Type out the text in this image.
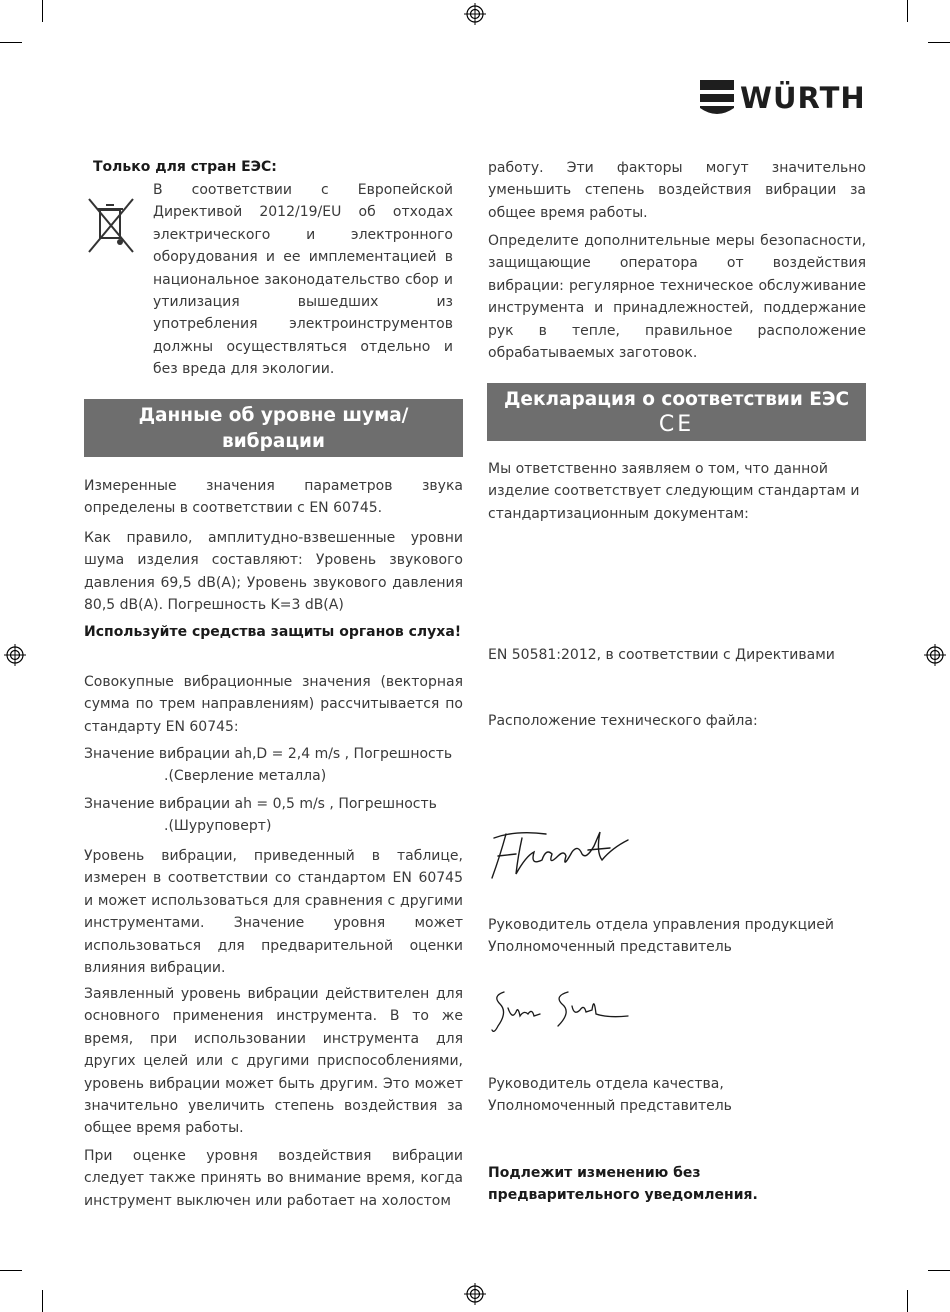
WÜRTH
Только для стран ЕЭС:

В соответствии с Европейской Директивой 2012/19/EU об отходах электрического и электронного оборудования и ее имплементацией в национальное законодательство сбор и утилизация вышедших из употребления электроинструментов должны осуществляться отдельно и без вреда для экологии.

Данные об уровне шума/
вибрации

Измеренные значения параметров звука определены в соответствии с EN 60745.

Как правило, амплитудно-взвешенные уровни шума изделия составляют: Уровень звукового давления 69,5 dB(A); Уровень звукового давления 80,5 dB(A). Погрешность K=3 dB(A)

Используйте средства защиты органов слуха!

Совокупные вибрационные значения (векторная сумма по трем направлениям) рассчитывается по стандарту EN 60745:

Значение вибрации ah,D = 2,4 m/s , Погрешность
.(Сверление металла)
Значение вибрации ah = 0,5 m/s , Погрешность
.(Шуруповерт)

Уровень вибрации, приведенный в таблице, измерен в соответствии со стандартом EN 60745 и может использоваться для сравнения с другими инструментами. Значение уровня может использоваться для предварительной оценки влияния вибрации.

Заявленный уровень вибрации действителен для основного применения инструмента. В то же время, при использовании инструмента для других целей или с другими приспособлениями, уровень вибрации может быть другим. Это может значительно увеличить степень воздействия за общее время работы.

При оценке уровня воздействия вибрации следует также принять во внимание время, когда инструмент выключен или работает на холостом

работу. Эти факторы могут значительно уменьшить степень воздействия вибрации за общее время работы.

Определите дополнительные меры безопасности, защищающие оператора от воздействия вибрации: регулярное техническое обслуживание инструмента и принадлежностей, поддержание рук в тепле, правильное расположение обрабатываемых заготовок.

Декларация о соответствии ЕЭС
CE

Мы ответственно заявляем о том, что данной изделие соответствует следующим стандартам и стандартизационным документам:

EN 50581:2012, в соответствии с Директивами

Расположение технического файла:

Руководитель отдела управления продукцией
Уполномоченный представитель

Руководитель отдела качества,
Уполномоченный представитель

Подлежит изменению без
предварительного уведомления.
